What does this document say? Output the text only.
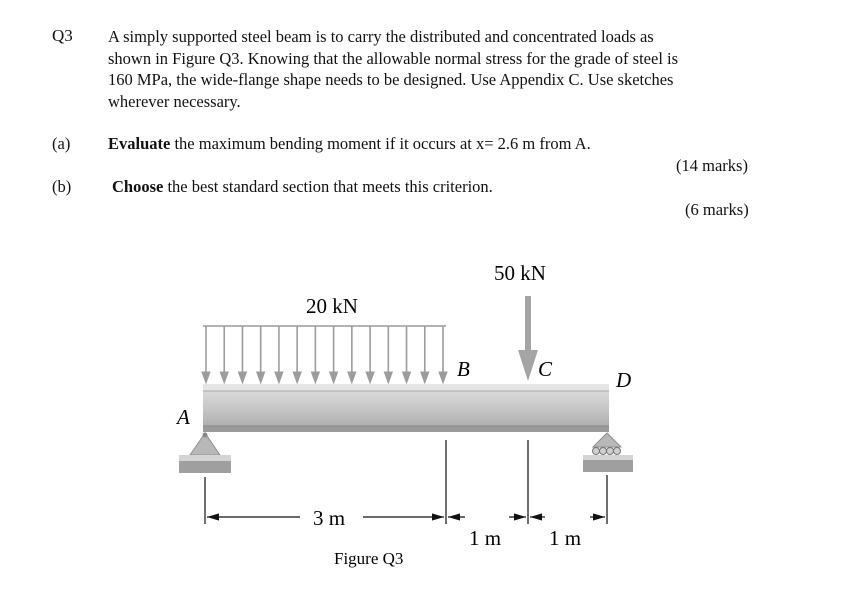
Q3 A simply supported steel beam is to carry the distributed and concentrated loads as
shown in Figure Q3. Knowing that the allowable normal stress for the grade of steel is
160 MPa, the wide-flange shape needs to be designed. Use Appendix C. Use sketches
wherever necessary.
(a) Evaluate the maximum bending moment if it occurs at x= 2.6 m from A.
(14 marks)
(b) Choose the best standard section that meets this criterion.
(6 marks)
20 kN
50 kN
A
B	C	D
3 m
1 m 1 m
Figure Q3
